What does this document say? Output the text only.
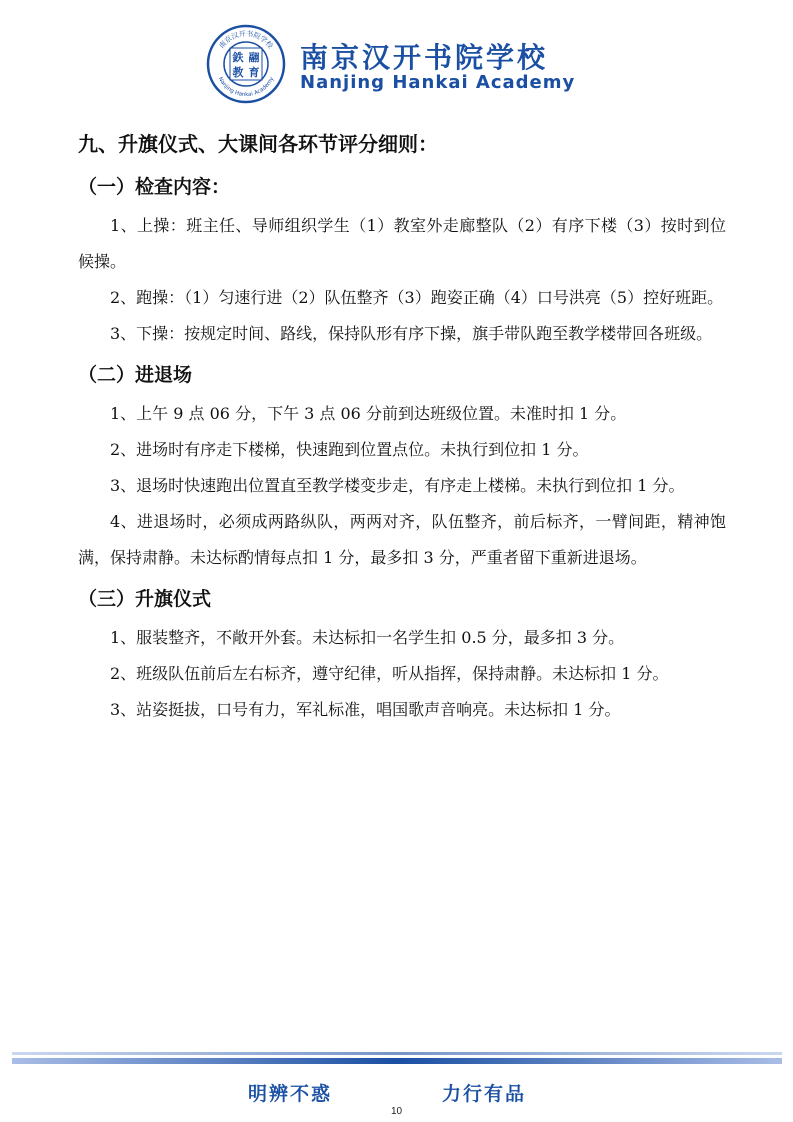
南京汉开书院学校
Nanjing Hankai Academy
鉄 翮
教 育 南京汉开书院学校
Nanjing Hankai Academy
九、升旗仪式、大课间各环节评分细则：
（一）检查内容：

1、上操：班主任、导师组织学生（1）教室外走廊整队（2）有序下楼（3）按时到位候操。

2、跑操：（1）匀速行进（2）队伍整齐（3）跑姿正确（4）口号洪亮（5）控好班距。

3、下操：按规定时间、路线，保持队形有序下操，旗手带队跑至教学楼带回各班级。

（二）进退场

1、上午 9 点 06 分，下午 3 点 06 分前到达班级位置。未准时扣 1 分。

2、进场时有序走下楼梯，快速跑到位置点位。未执行到位扣 1 分。

3、退场时快速跑出位置直至教学楼变步走，有序走上楼梯。未执行到位扣 1 分。

4、进退场时，必须成两路纵队，两两对齐，队伍整齐，前后标齐，一臂间距，精神饱满，保持肃静。未达标酌情每点扣 1 分，最多扣 3 分，严重者留下重新进退场。

（三）升旗仪式

1、服装整齐，不敞开外套。未达标扣一名学生扣 0.5 分，最多扣 3 分。

2、班级队伍前后左右标齐，遵守纪律，听从指挥，保持肃静。未达标扣 1 分。

3、站姿挺拔，口号有力，军礼标准，唱国歌声音响亮。未达标扣 1 分。

明辨不惑	力行有品
10
